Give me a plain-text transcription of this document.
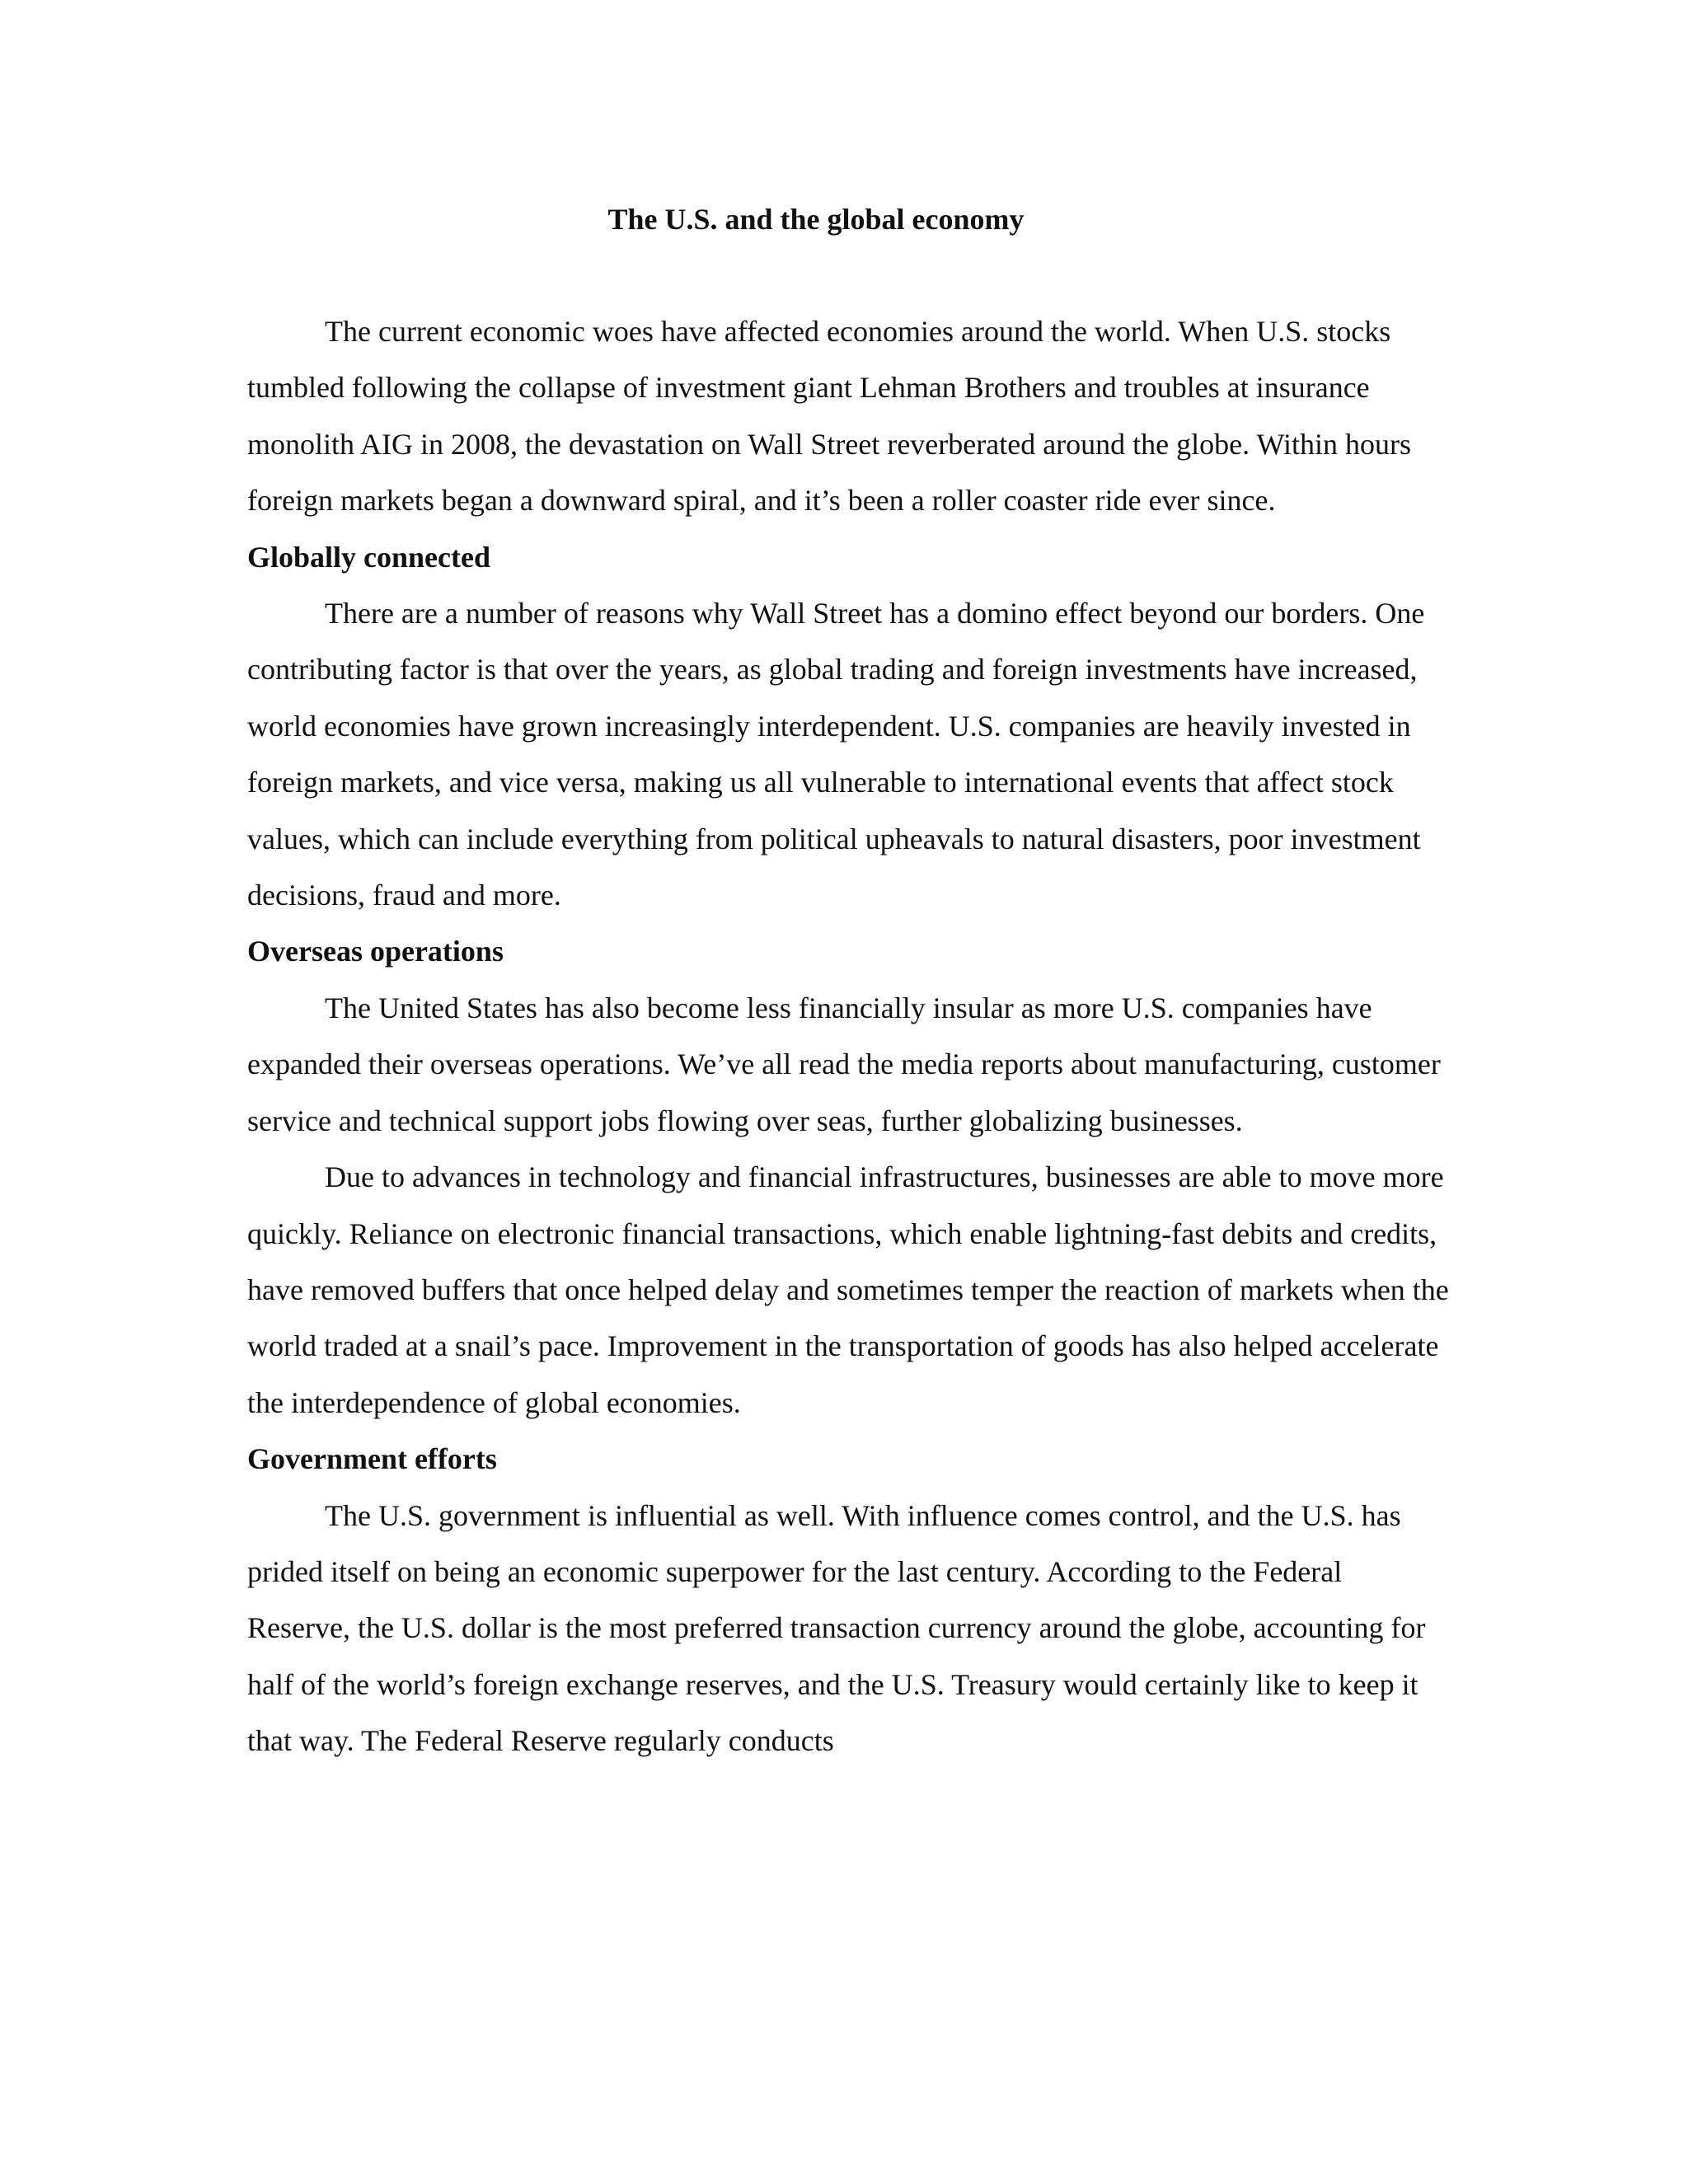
The U.S. and the global economy

The current economic woes have affected economies around the world. When U.S. stocks tumbled following the collapse of investment giant Lehman Brothers and troubles at insurance monolith AIG in 2008, the devastation on Wall Street reverberated around the globe. Within hours foreign markets began a downward spiral, and it’s been a roller coaster ride ever since.

Globally connected

There are a number of reasons why Wall Street has a domino effect beyond our borders. One contributing factor is that over the years, as global trading and foreign investments have increased, world economies have grown increasingly interdependent. U.S. companies are heavily invested in foreign markets, and vice versa, making us all vulnerable to international events that affect stock values, which can include everything from political upheavals to natural disasters, poor investment decisions, fraud and more.

Overseas operations

The United States has also become less financially insular as more U.S. companies have expanded their overseas operations. We’ve all read the media reports about manufacturing, customer service and technical support jobs flowing over seas, further globalizing businesses.

Due to advances in technology and financial infrastructures, businesses are able to move more quickly. Reliance on electronic financial transactions, which enable lightning-fast debits and credits, have removed buffers that once helped delay and sometimes temper the reaction of markets when the world traded at a snail’s pace. Improvement in the transportation of goods has also helped accelerate the interdependence of global economies.

Government efforts

The U.S. government is influential as well. With influence comes control, and the U.S. has prided itself on being an economic superpower for the last century. According to the Federal Reserve, the U.S. dollar is the most preferred transaction currency around the globe, accounting for half of the world’s foreign exchange reserves, and the U.S. Treasury would certainly like to keep it that way. The Federal Reserve regularly conducts
